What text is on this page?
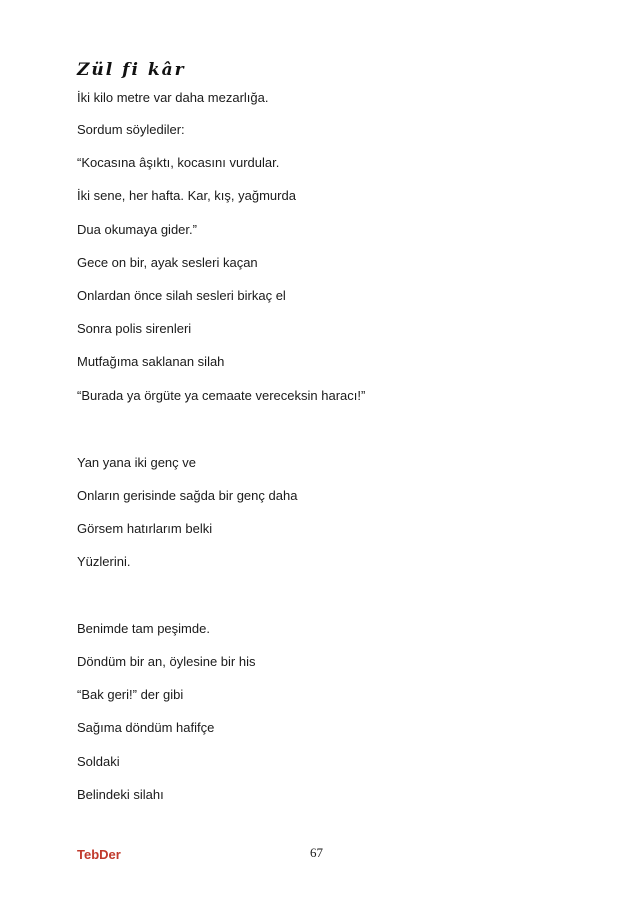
Zül fi kâr

İki kilo metre var daha mezarlığa.

Sordum söylediler:

“Kocasına âşıktı, kocasını vurdular.

İki sene, her hafta. Kar, kış, yağmurda

Dua okumaya gider.”

Gece on bir, ayak sesleri kaçan

Onlardan önce silah sesleri birkaç el

Sonra polis sirenleri

Mutfağıma saklanan silah

“Burada ya örgüte ya cemaate vereceksin haracı!”

Yan yana iki genç ve

Onların gerisinde sağda bir genç daha

Görsem hatırlarım belki

Yüzlerini.

Benimde tam peşimde.

Döndüm bir an, öylesine bir his

“Bak geri!” der gibi

Sağıma döndüm hafifçe

Soldaki

Belindeki silahı

TebDer	67
